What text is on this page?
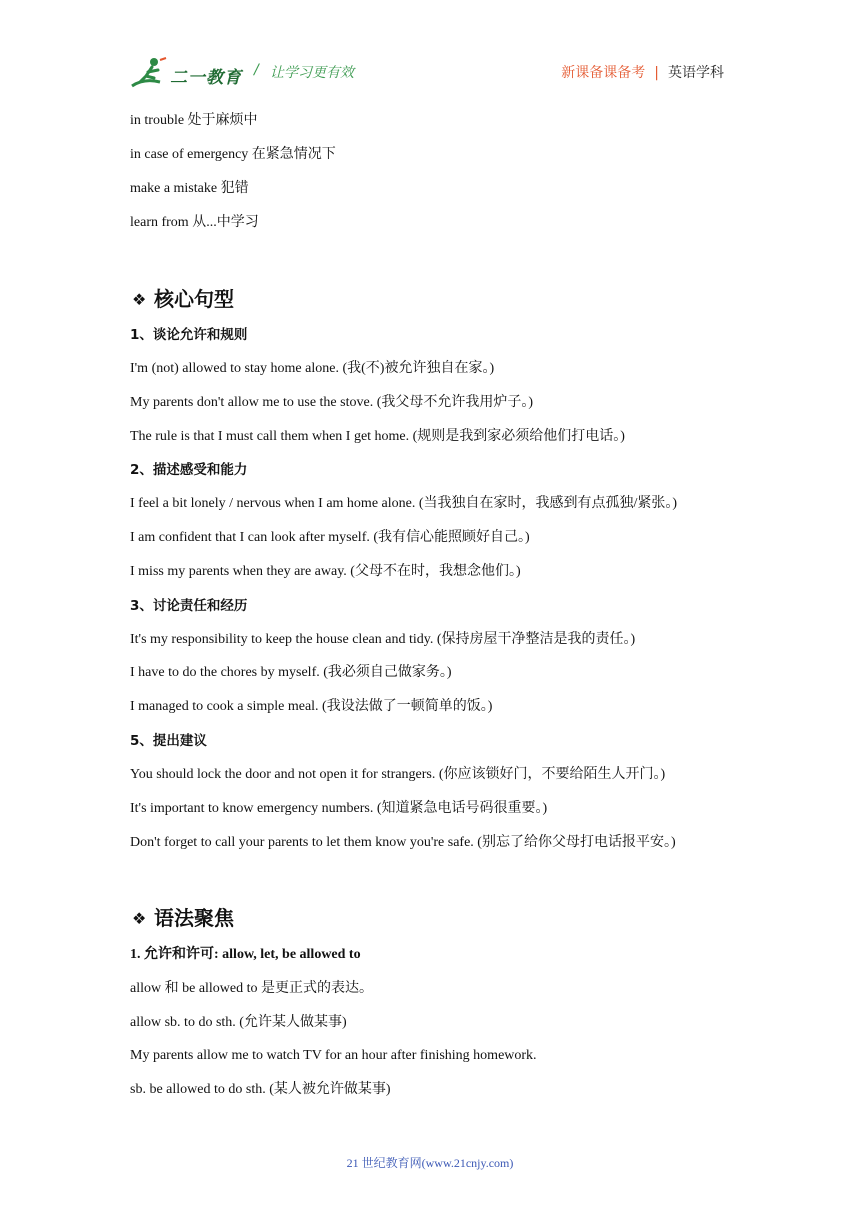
二一教育 / 让学习更有效	新课备课备考 | 英语学科
in trouble 处于麻烦中
in case of emergency 在紧急情况下
make a mistake 犯错
learn from 从...中学习
❖ 核心句型
1、谈论允许和规则
I'm (not) allowed to stay home alone. (我(不)被允许独自在家。)
My parents don't allow me to use the stove. (我父母不允许我用炉子。)
The rule is that I must call them when I get home. (规则是我到家必须给他们打电话。)
2、描述感受和能力
I feel a bit lonely / nervous when I am home alone. (当我独自在家时，我感到有点孤独/紧张。)
I am confident that I can look after myself. (我有信心能照顾好自己。)
I miss my parents when they are away. (父母不在时，我想念他们。)
3、讨论责任和经历
It's my responsibility to keep the house clean and tidy. (保持房屋干净整洁是我的责任。)
I have to do the chores by myself. (我必须自己做家务。)
I managed to cook a simple meal. (我设法做了一顿简单的饭。)
5、提出建议
You should lock the door and not open it for strangers. (你应该锁好门，不要给陌生人开门。)
It's important to know emergency numbers. (知道紧急电话号码很重要。)
Don't forget to call your parents to let them know you're safe. (别忘了给你父母打电话报平安。)
❖ 语法聚焦
1. 允许和许可: allow, let, be allowed to
allow 和 be allowed to 是更正式的表达。
allow sb. to do sth. (允许某人做某事)
My parents allow me to watch TV for an hour after finishing homework.
sb. be allowed to do sth. (某人被允许做某事)
21 世纪教育网(www.21cnjy.com)
